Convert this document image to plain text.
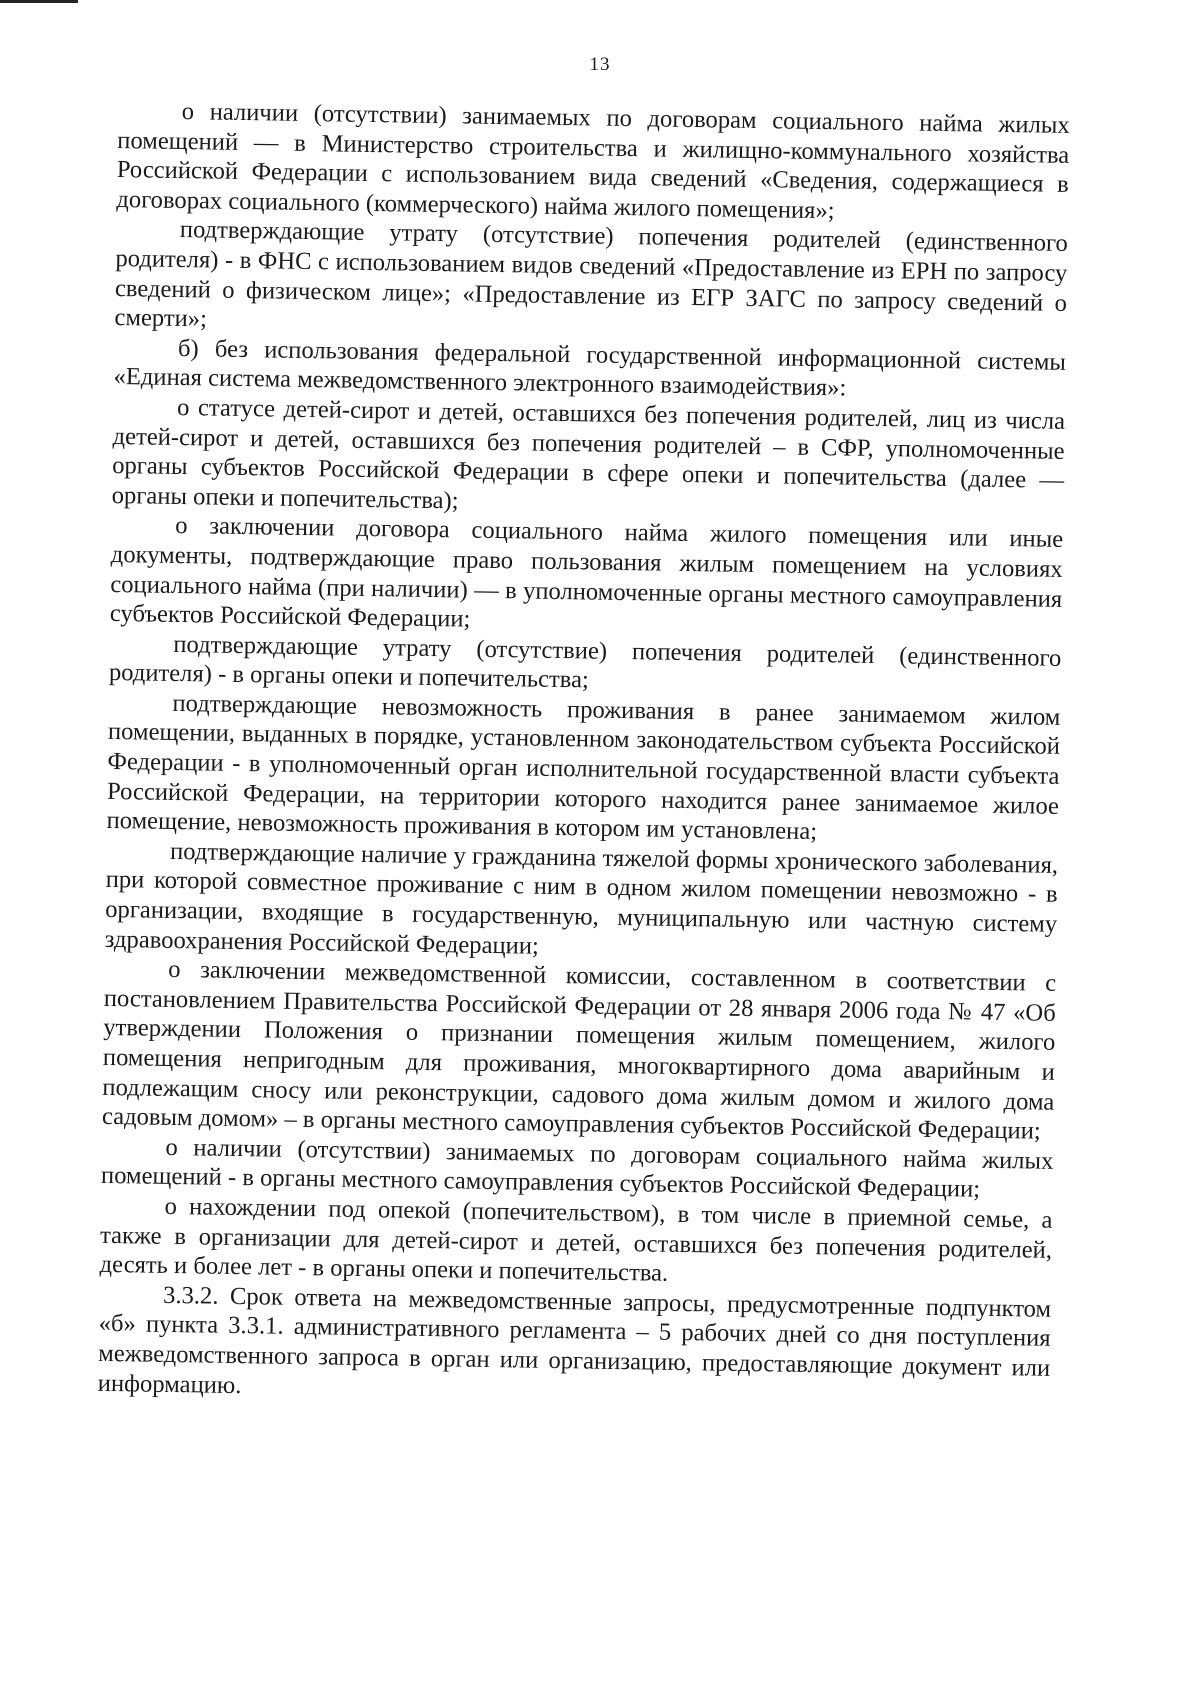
13

о наличии (отсутствии) занимаемых по договорам социального найма жилых помещений — в Министерство строительства и жилищно-коммунального хозяйства Российской Федерации с использованием вида сведений «Сведения, содержащиеся в договорах социального (коммерческого) найма жилого помещения»;

подтверждающие утрату (отсутствие) попечения родителей (единственного родителя) - в ФНС с использованием видов сведений «Предоставление из ЕРН по запросу сведений о физическом лице»; «Предоставление из ЕГР ЗАГС по запросу сведений о смерти»;

б) без использования федеральной государственной информационной системы «Единая система межведомственного электронного взаимодействия»:

о статусе детей-сирот и детей, оставшихся без попечения родителей, лиц из числа детей-сирот и детей, оставшихся без попечения родителей – в СФР, уполномоченные органы субъектов Российской Федерации в сфере опеки и попечительства (далее — органы опеки и попечительства);

о заключении договора социального найма жилого помещения или иные документы, подтверждающие право пользования жилым помещением на условиях социального найма (при наличии) — в уполномоченные органы местного самоуправления субъектов Российской Федерации;

подтверждающие утрату (отсутствие) попечения родителей (единственного родителя) - в органы опеки и попечительства;

подтверждающие невозможность проживания в ранее занимаемом жилом помещении, выданных в порядке, установленном законодательством субъекта Российской Федерации - в уполномоченный орган исполнительной государственной власти субъекта Российской Федерации, на территории которого находится ранее занимаемое жилое помещение, невозможность проживания в котором им установлена;

подтверждающие наличие у гражданина тяжелой формы хронического заболевания, при которой совместное проживание с ним в одном жилом помещении невозможно - в организации, входящие в государственную, муниципальную или частную систему здравоохранения Российской Федерации;

о заключении межведомственной комиссии, составленном в соответствии с постановлением Правительства Российской Федерации от 28 января 2006 года № 47 «Об утверждении Положения о признании помещения жилым помещением, жилого помещения непригодным для проживания, многоквартирного дома аварийным и подлежащим сносу или реконструкции, садового дома жилым домом и жилого дома садовым домом» – в органы местного самоуправления субъектов Российской Федерации;

о наличии (отсутствии) занимаемых по договорам социального найма жилых помещений - в органы местного самоуправления субъектов Российской Федерации;

о нахождении под опекой (попечительством), в том числе в приемной семье, а также в организации для детей-сирот и детей, оставшихся без попечения родителей, десять и более лет - в органы опеки и попечительства.

3.3.2. Срок ответа на межведомственные запросы, предусмотренные подпунктом «б» пункта 3.3.1. административного регламента – 5 рабочих дней со дня поступления межведомственного запроса в орган или организацию, предоставляющие документ или информацию.
